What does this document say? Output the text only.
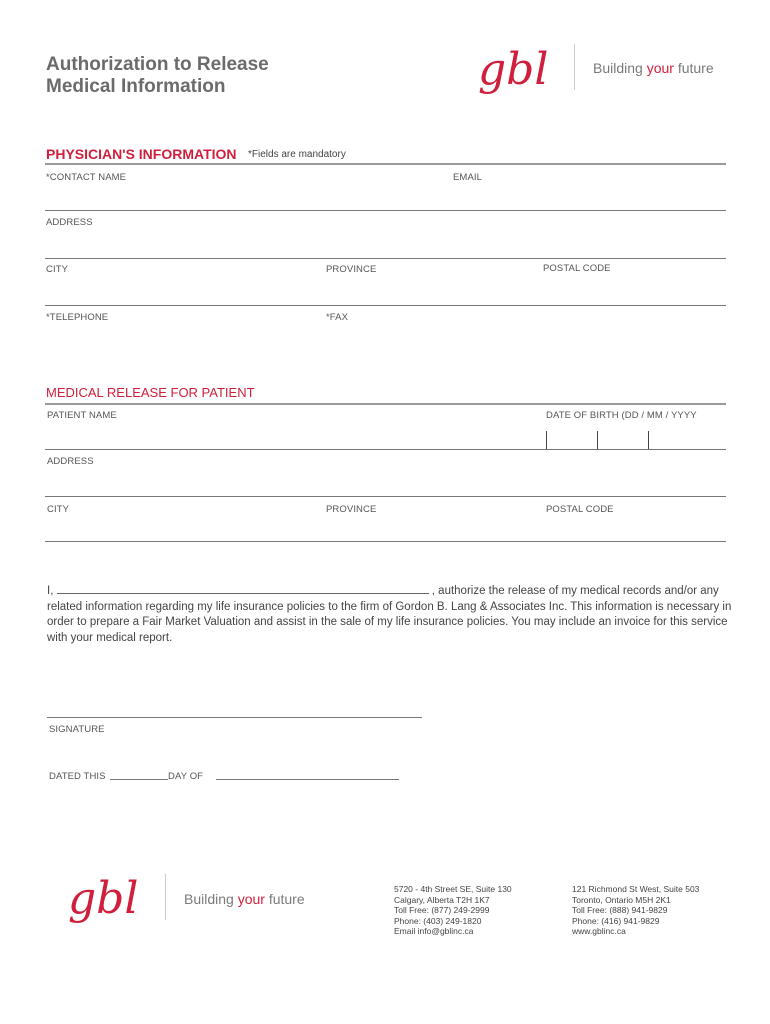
Authorization to Release
Medical Information	gbl	Building your future
PHYSICIAN'S INFORMATION *Fields are mandatory
*CONTACT NAME	EMAIL
ADDRESS
CITY	PROVINCE	POSTAL CODE
*TELEPHONE	*FAX
MEDICAL RELEASE FOR PATIENT
PATIENT NAME	DATE OF BIRTH (DD / MM / YYYY
ADDRESS
CITY	PROVINCE	POSTAL CODE
I,	, authorize the release of my medical records and/or any related information regarding my life insurance policies to the firm of Gordon B. Lang & Associates Inc. This information is necessary in order to prepare a Fair Market Valuation and assist in the sale of my life insurance policies. You may include an invoice for this service with your medical report.
SIGNATURE
DATED THIS	DAY OF
gbl	Building your future
5720 - 4th Street SE, Suite 130
Calgary, Alberta T2H 1K7
Toll Free: (877) 249-2999
Phone: (403) 249-1820
Email info@gblinc.ca
121 Richmond St West, Suite 503
Toronto, Ontario M5H 2K1
Toll Free: (888) 941-9829
Phone: (416) 941-9829
www.gblinc.ca
